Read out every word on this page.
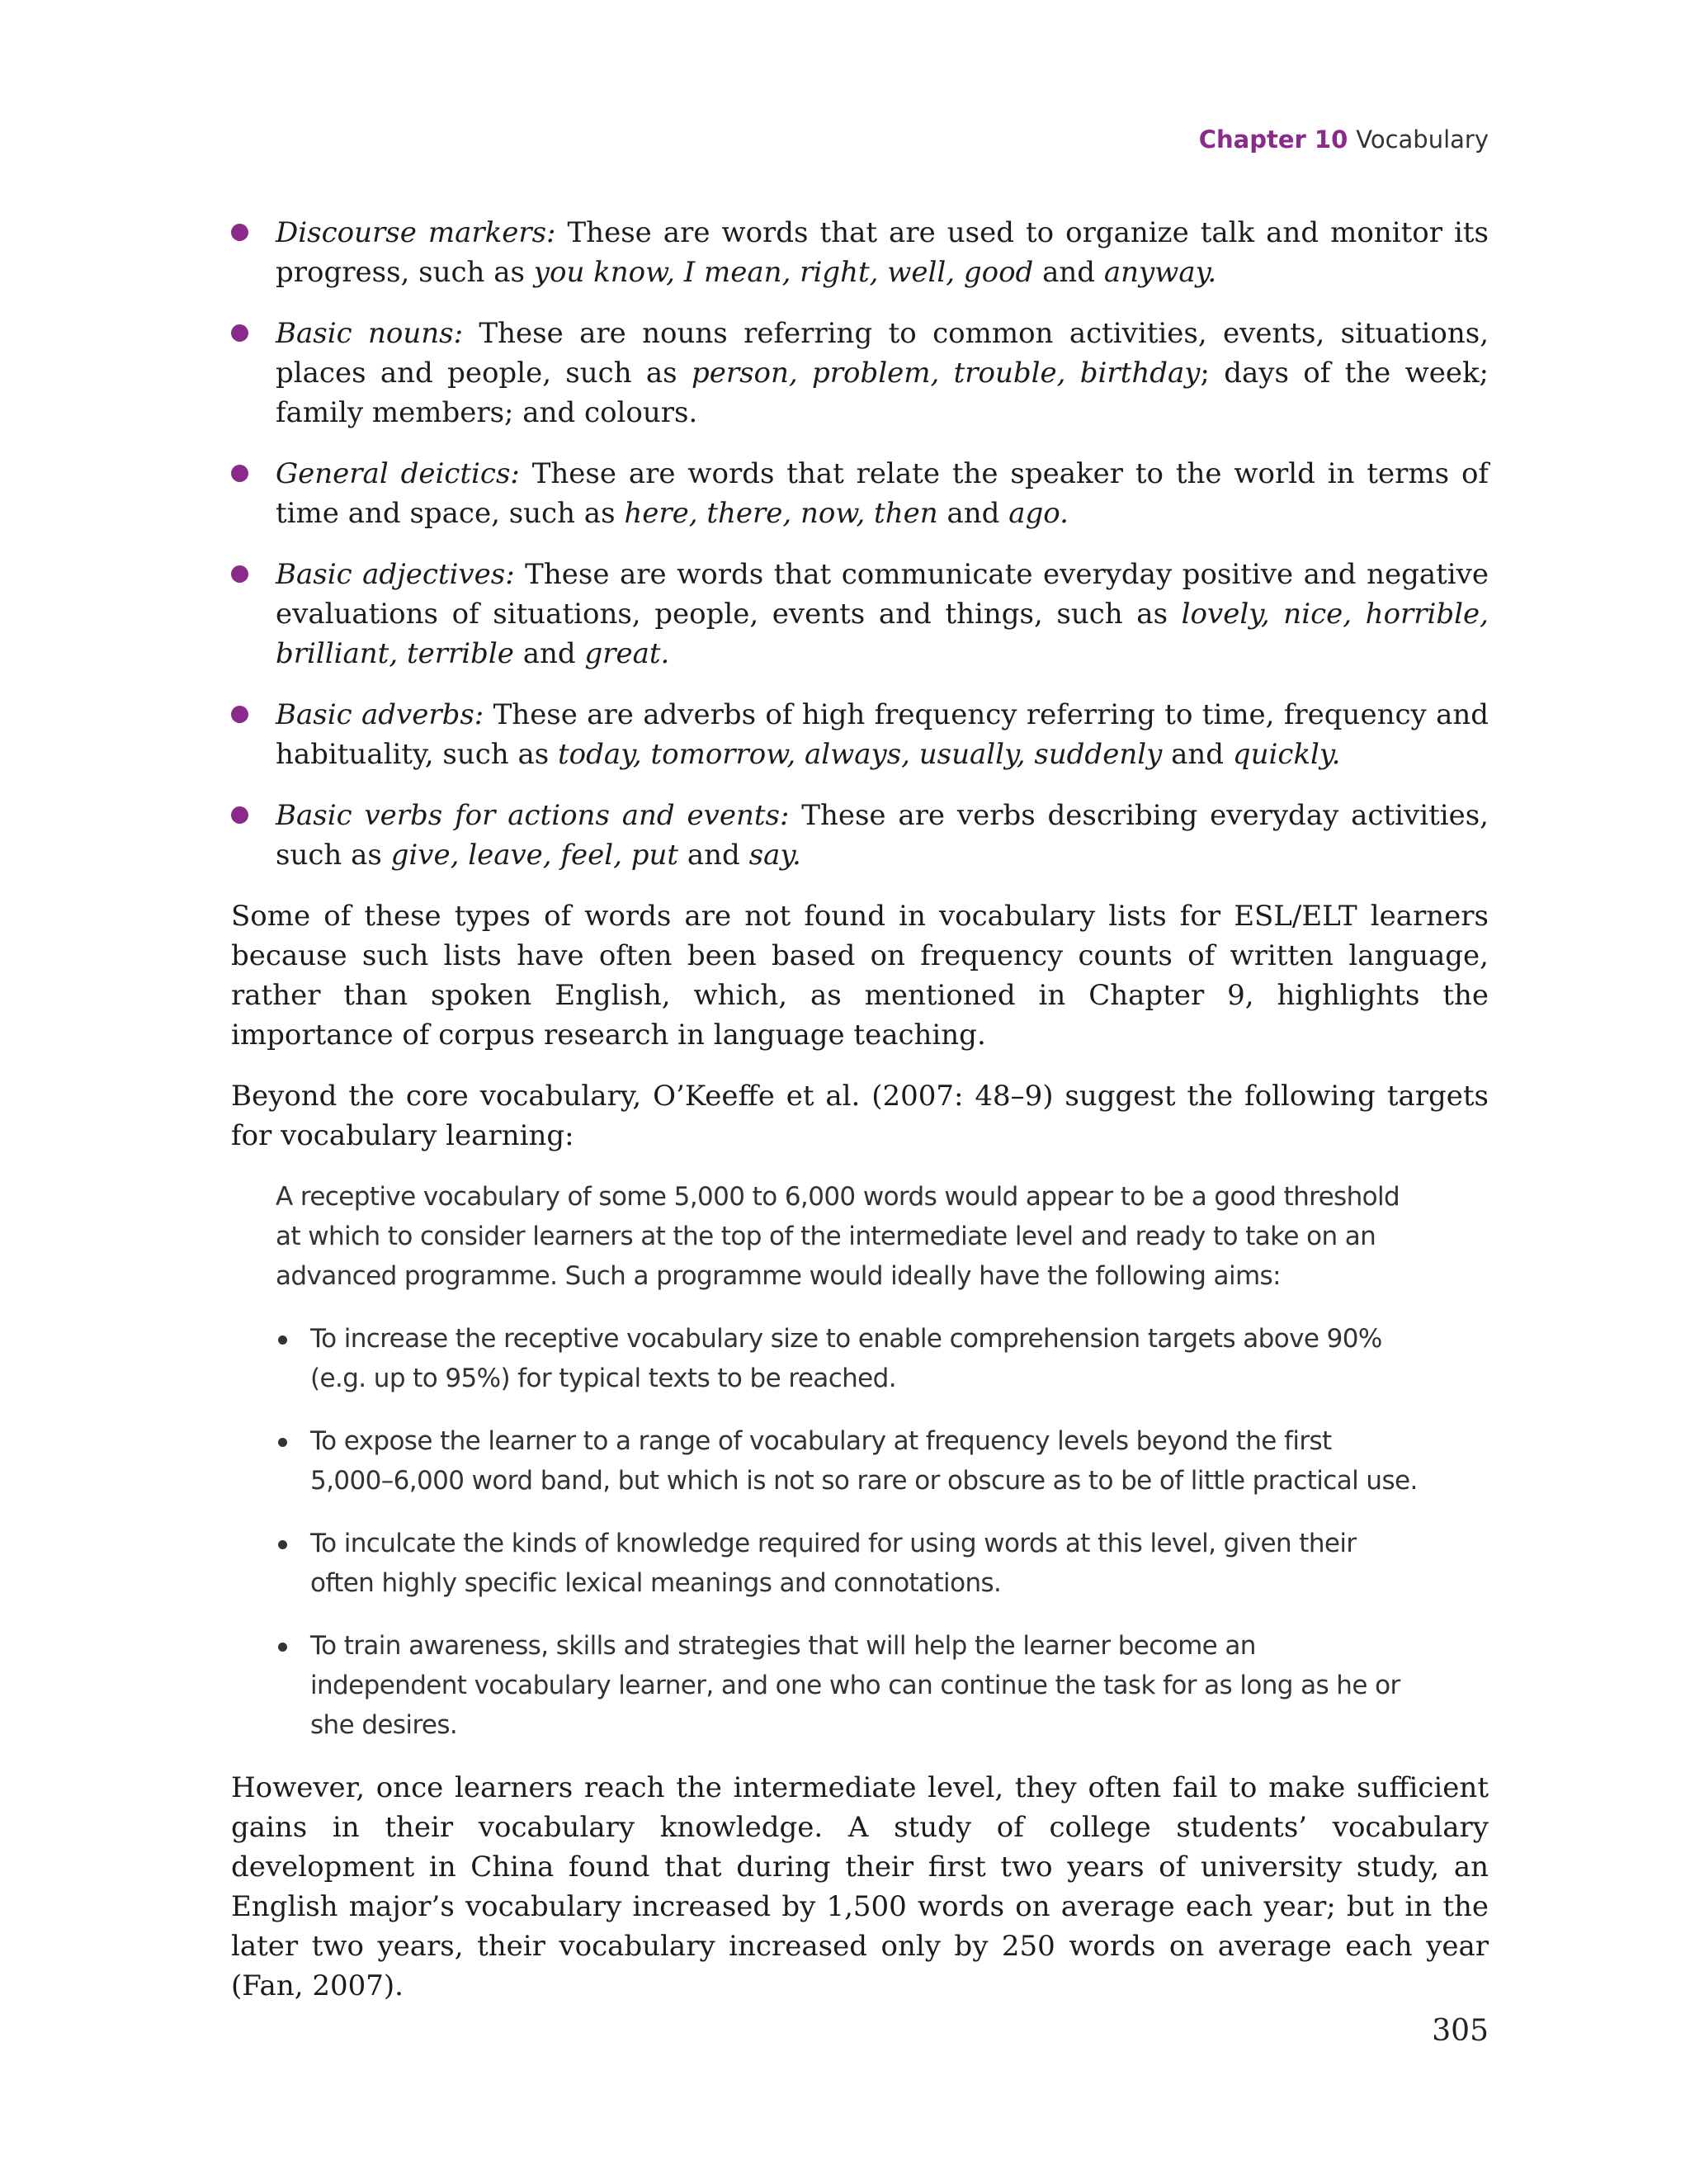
Chapter 10 Vocabulary
Discourse markers: These are words that are used to organize talk and monitor its progress, such as you know, I mean, right, well, good and anyway.
Basic nouns: These are nouns referring to common activities, events, situations, places and people, such as person, problem, trouble, birthday; days of the week; family members; and colours.
General deictics: These are words that relate the speaker to the world in terms of time and space, such as here, there, now, then and ago.
Basic adjectives: These are words that communicate everyday positive and negative evaluations of situations, people, events and things, such as lovely, nice, horrible, brilliant, terrible and great.
Basic adverbs: These are adverbs of high frequency referring to time, frequency and habituality, such as today, tomorrow, always, usually, suddenly and quickly.
Basic verbs for actions and events: These are verbs describing everyday activities, such as give, leave, feel, put and say.

Some of these types of words are not found in vocabulary lists for ESL/ELT learners because such lists have often been based on frequency counts of written language, rather than spoken English, which, as mentioned in Chapter 9, highlights the importance of corpus research in language teaching.

Beyond the core vocabulary, O’Keeffe et al. (2007: 48–9) suggest the following targets for vocabulary learning:

A receptive vocabulary of some 5,000 to 6,000 words would appear to be a good threshold at which to consider learners at the top of the intermediate level and ready to take on an advanced programme. Such a programme would ideally have the following aims:

To increase the receptive vocabulary size to enable comprehension targets above 90% (e.g. up to 95%) for typical texts to be reached.
To expose the learner to a range of vocabulary at frequency levels beyond the first 5,000–6,000 word band, but which is not so rare or obscure as to be of little practical use.
To inculcate the kinds of knowledge required for using words at this level, given their often highly specific lexical meanings and connotations.
To train awareness, skills and strategies that will help the learner become an independent vocabulary learner, and one who can continue the task for as long as he or she desires.

However, once learners reach the intermediate level, they often fail to make sufficient gains in their vocabulary knowledge. A study of college students’ vocabulary development in China found that during their first two years of university study, an English major’s vocabulary increased by 1,500 words on average each year; but in the later two years, their vocabulary increased only by 250 words on average each year (Fan, 2007).

305
